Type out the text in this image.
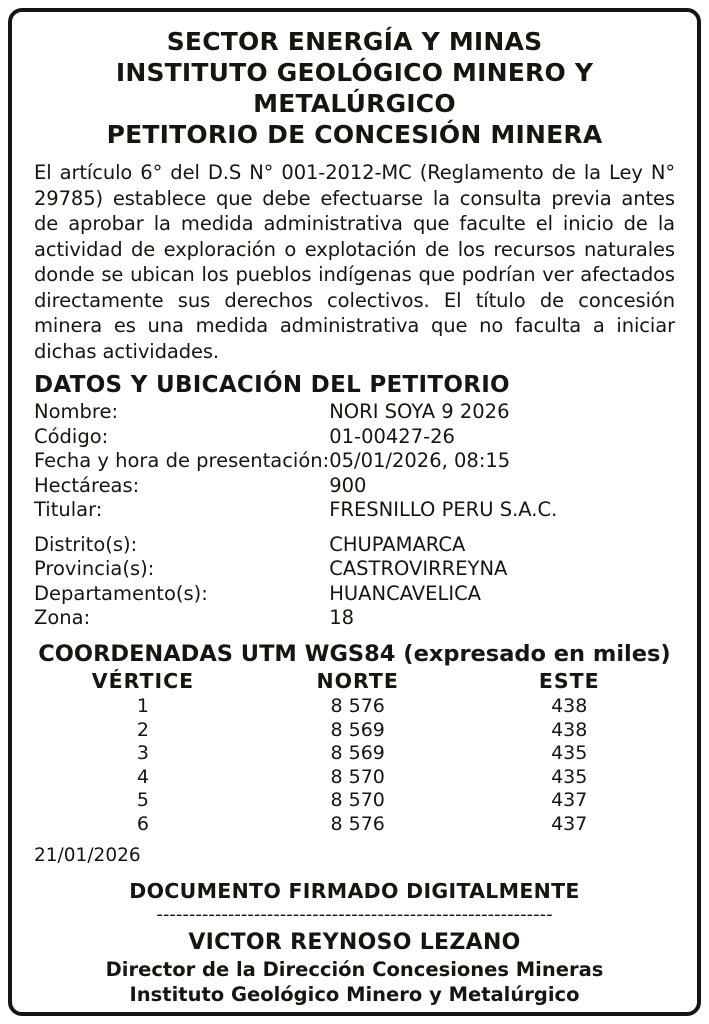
SECTOR ENERGÍA Y MINAS
INSTITUTO GEOLÓGICO MINERO Y METALÚRGICO
PETITORIO DE CONCESIÓN MINERA
El artículo 6° del D.S N° 001-2012-MC (Reglamento de la Ley N° 29785) establece que debe efectuarse la consulta previa antes de aprobar la medida administrativa que faculte el inicio de la actividad de exploración o explotación de los recursos naturales donde se ubican los pueblos indígenas que podrían ver afectados directamente sus derechos colectivos. El título de concesión minera es una medida administrativa que no faculta a iniciar dichas actividades.
DATOS Y UBICACIÓN DEL PETITORIO
Nombre:	NORI SOYA 9 2026
Código:	01-00427-26
Fecha y hora de presentación:	05/01/2026, 08:15
Hectáreas:	900
Titular:	FRESNILLO PERU S.A.C.

Distrito(s):	CHUPAMARCA
Provincia(s):	CASTROVIRREYNA
Departamento(s):	HUANCAVELICA
Zona:	18
COORDENADAS UTM WGS84 (expresado en miles)
VÉRTICE	NORTE	ESTE
1	8 576	438
2	8 569	438
3	8 569	435
4	8 570	435
5	8 570	437
6	8 576	437
21/01/2026
DOCUMENTO FIRMADO DIGITALMENTE
-------------------------------------------------------------
VICTOR REYNOSO LEZANO
Director de la Dirección Concesiones Mineras
Instituto Geológico Minero y Metalúrgico
